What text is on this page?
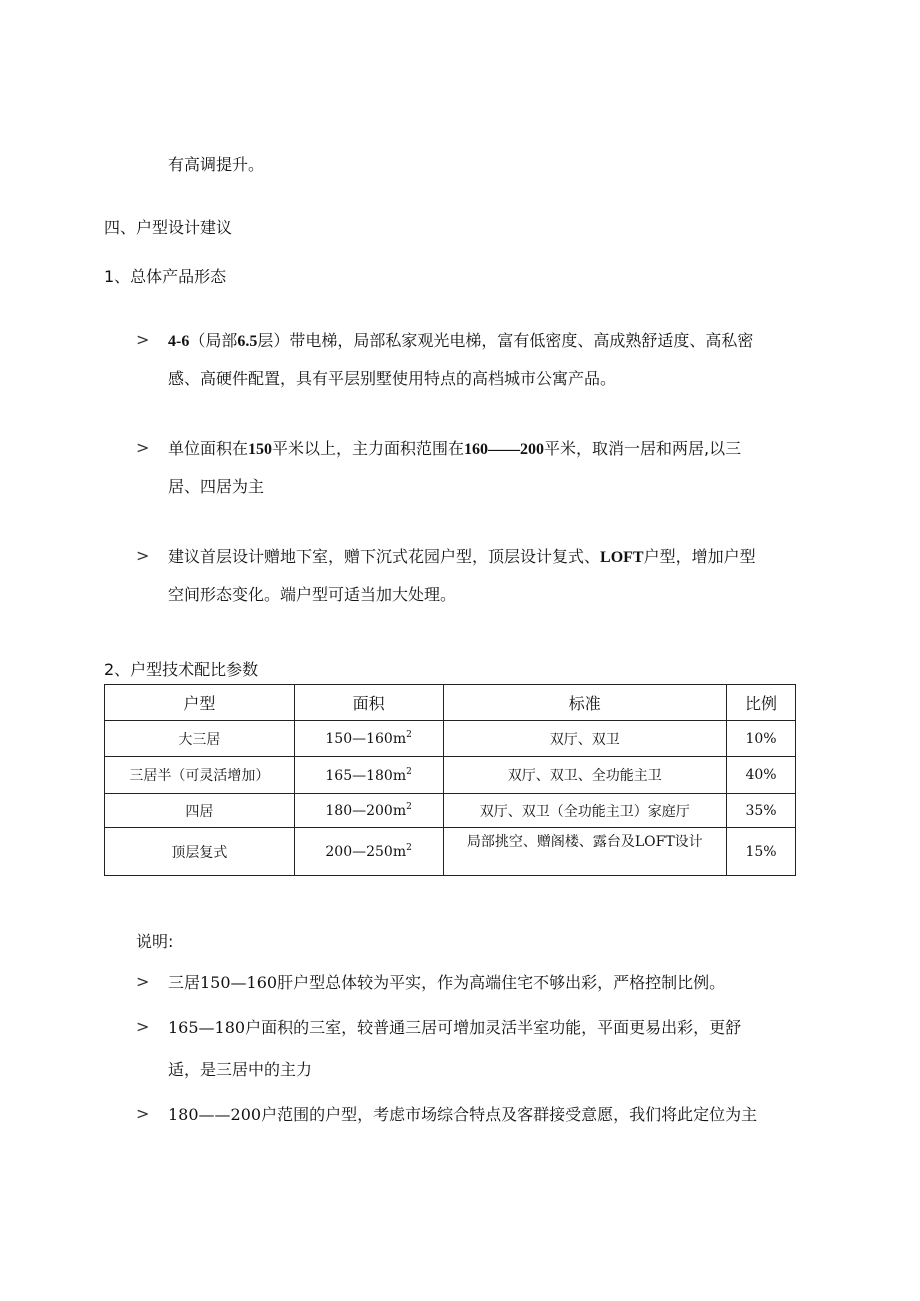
有高调提升。
四、户型设计建议
1、总体产品形态
> 4-6（局部6.5层）带电梯，局部私家观光电梯，富有低密度、高成熟舒适度、高私密
感、高硬件配置，具有平层别墅使用特点的高档城市公寓产品。
> 单位面积在150平米以上，主力面积范围在160——200平米，取消一居和两居,以三
居、四居为主
> 建议首层设计赠地下室，赠下沉式花园户型，顶层设计复式、LOFT户型，增加户型
空间形态变化。端户型可适当加大处理。
2、户型技术配比参数
户型	面积	标准	比例
大三居	$150—160m^2$	双厅、双卫	10%
三居半（可灵活增加）	$165—180m^2$	双厅、双卫、全功能主卫	40%
四居	$180—200m^2$	双厅、双卫（全功能主卫）家庭厅	35%
顶层复式	$200—250m^2$	局部挑空、赠阁楼、露台及LOFT设计	15%
说明:
> 三居150—160肝户型总体较为平实，作为高端住宅不够出彩，严格控制比例。
> 165—180户面积的三室，较普通三居可增加灵活半室功能，平面更易出彩，更舒
适，是三居中的主力
> 180——200户范围的户型，考虑市场综合特点及客群接受意愿，我们将此定位为主
